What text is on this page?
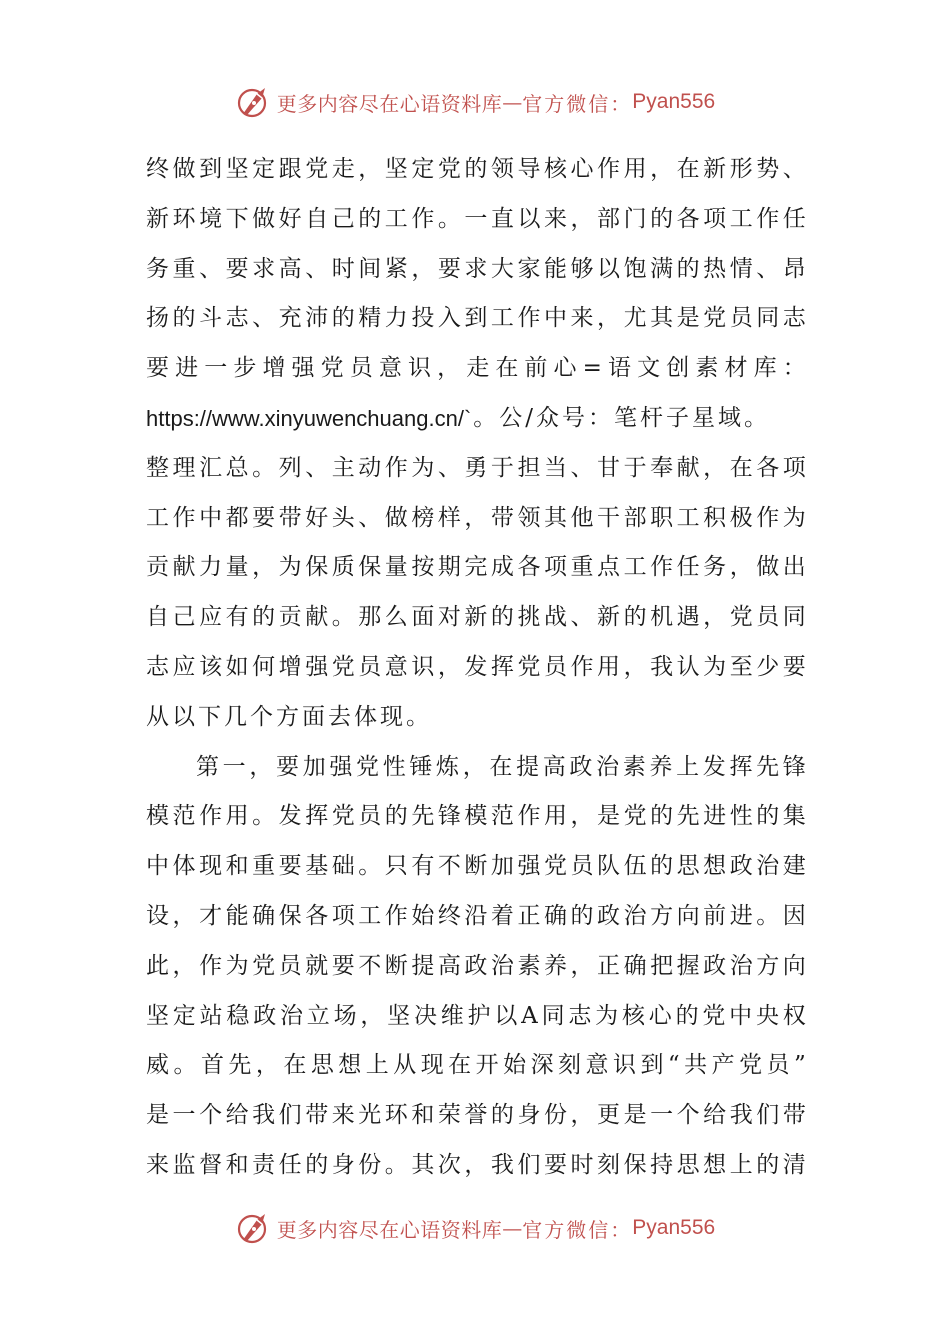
更多内容尽在心语资料库 — 官方微信： Pyan556
终 做 到 坚 定 跟 党 走 ， 坚 定 党 的 领 导 核 心 作 用 ， 在 新 形 势 、
新 环 境 下 做 好 自 己 的 工 作 。 一 直 以 来 ， 部 门 的 各 项 工 作 任
务 重 、 要 求 高 、 时 间 紧 ， 要 求 大 家 能 够 以 饱 满 的 热 情 、 昂
扬 的 斗 志 、 充 沛 的 精 力 投 入 到 工 作 中 来 ， 尤 其 是 党 员 同 志
要 进 一 步 增 强 党 员 意 识 ， 走 在 前 心 = 语 文 创 素 材 库 ：
https://www.xinyuwenchuang.cn/` 。公/众号：笔杆子星域。
整 理 汇 总 。 列 、 主 动 作 为 、 勇 于 担 当 、 甘 于 奉 献 ， 在 各 项
工 作 中 都 要 带 好 头 、 做 榜 样 ， 带 领 其 他 干 部 职 工 积 极 作 为
贡 献 力 量 ， 为 保 质 保 量 按 期 完 成 各 项 重 点 工 作 任 务 ， 做 出
自 己 应 有 的 贡 献 。 那 么 面 对 新 的 挑 战 、 新 的 机 遇 ， 党 员 同
志 应 该 如 何 增 强 党 员 意 识 ， 发 挥 党 员 作 用 ， 我 认 为 至 少 要
从以下几个方面去体现。
第 一 ， 要 加 强 党 性 锤 炼 ， 在 提 高 政 治 素 养 上 发 挥 先 锋
模 范 作 用 。 发 挥 党 员 的 先 锋 模 范 作 用 ， 是 党 的 先 进 性 的 集
中 体 现 和 重 要 基 础 。 只 有 不 断 加 强 党 员 队 伍 的 思 想 政 治 建
设 ， 才 能 确 保 各 项 工 作 始 终 沿 着 正 确 的 政 治 方 向 前 进 。 因
此 ， 作 为 党 员 就 要 不 断 提 高 政 治 素 养 ， 正 确 把 握 政 治 方 向
坚 定 站 稳 政 治 立 场 ， 坚 决 维 护 以 A 同 志 为 核 心 的 党 中 央 权
威 。 首 先 ， 在 思 想 上 从 现 在 开 始 深 刻 意 识 到 “ 共 产 党 员 ”
是 一 个 给 我 们 带 来 光 环 和 荣 誉 的 身 份 ， 更 是 一 个 给 我 们 带
来 监 督 和 责 任 的 身 份 。 其 次 ， 我 们 要 时 刻 保 持 思 想 上 的 清
更多内容尽在心语资料库 — 官方微信： Pyan556
